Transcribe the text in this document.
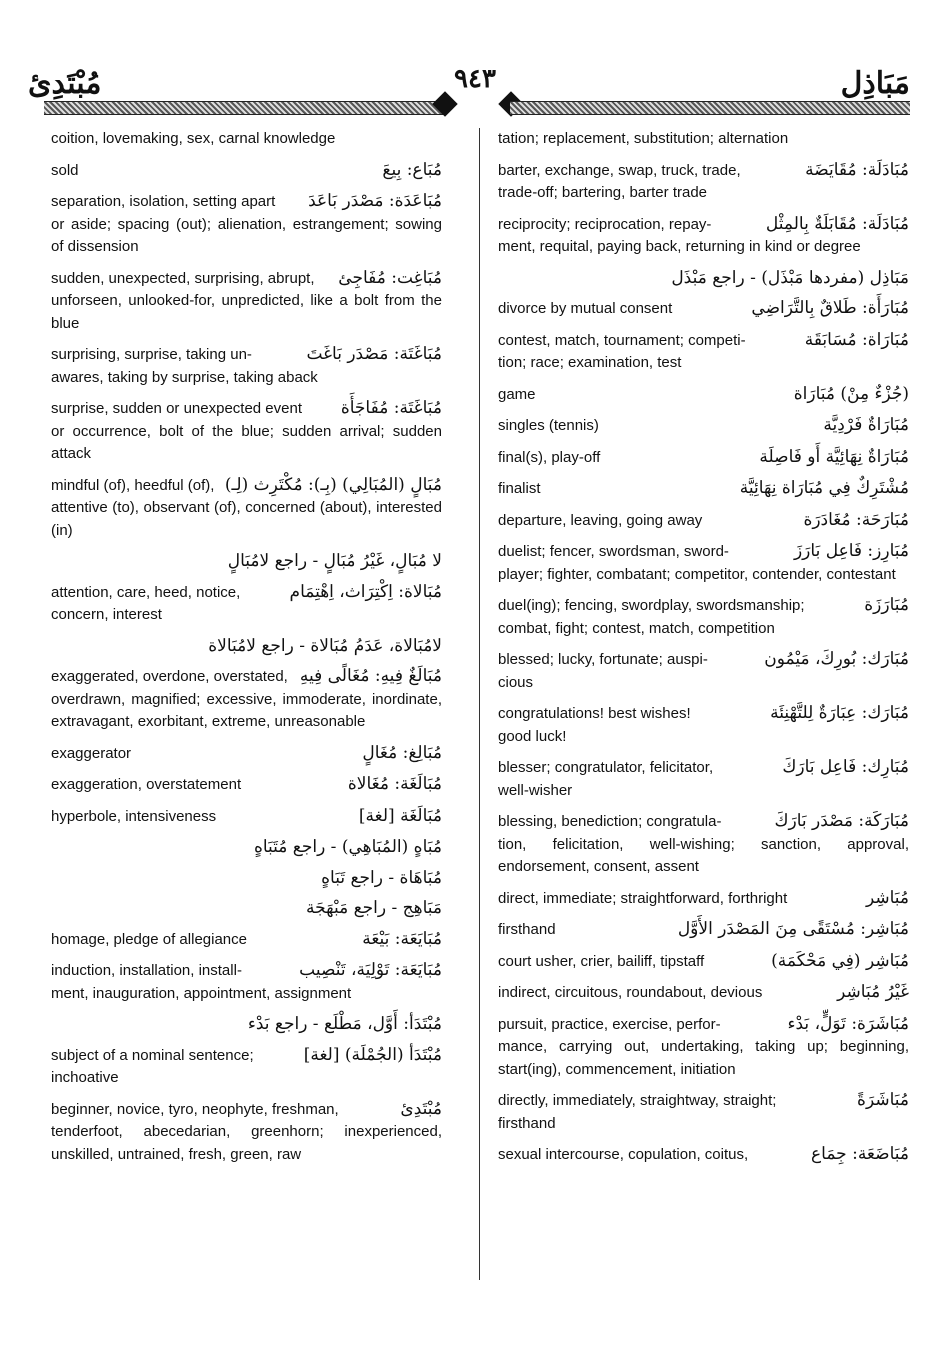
مُبْتَدِئ	٩٤٣	مَبَاذِل
coition, lovemaking, sex, carnal knowledge
sold	مُبَاع: بِيعَ
separation, isolation, setting apart مُبَاعَدَة: مَصْدَر بَاعَدَ
or aside; spacing (out); alienation, estrangement; sowing of dissension
sudden, unexpected, surprising, abrupt, مُبَاغِت: مُفَاجِئ
unforseen, unlooked-for, unpredicted, like a bolt from the blue
surprising, surprise, taking un-	مُبَاغَتَة: مَصْدَر بَاغَتَ
awares, taking by surprise, taking aback
surprise, sudden or unexpected event مُبَاغَتَة: مُفَاجَأَة
or occurrence, bolt of the blue; sudden arrival; sudden attack
mindful (of), heedful (of), مُبَالٍ (المُبَالِي) (بِـ): مُكْتَرِث (لِـ)
attentive (to), observant (of), concerned (about), interested (in)
لا مُبَالٍ، غَيْرُ مُبَالٍ - راجع لامُبَالٍ
attention, care, heed, notice,	مُبَالاة: اِكْتِرَاث، اِهْتِمَام
concern, interest
لامُبَالاة، عَدَمُ مُبَالاة - راجع لامُبَالاة
exaggerated, overdone, overstated, مُبَالَغٌ فِيهِ: مُغَالًى فِيهِ
overdrawn, magnified; excessive, immoderate, inordinate, extravagant, exorbitant, extreme, unreasonable
exaggerator	مُبَالِغ: مُغَالٍ
exaggeration, overstatement	مُبَالَغَة: مُغَالاة
hyperbole, intensiveness	مُبَالَغَة [لغة]
مُبَاهٍ (المُبَاهِي) - راجع مُتَبَاهٍ
مُبَاهَاة - راجع تَبَاهٍ
مَبَاهِج - راجع مَبْهَجَة
homage, pledge of allegiance	مُبَايَعَة: بَيْعَة
induction, installation, install-	مُبَايَعَة: تَوْلِيَة، تَنْصِيب
ment, inauguration, appointment, assignment
مُبْتَدَأ: أَوَّل، مَطْلَع - راجع بَدْء
subject of a nominal sentence;	مُبْتَدَأ (الجُمْلَة) [لغة]
inchoative
beginner, novice, tyro, neophyte, freshman,	مُبْتَدِئ
tenderfoot, abecedarian, greenhorn; inexperienced, unskilled, untrained, fresh, green, raw
tation; replacement, substitution; alternation
barter, exchange, swap, truck, trade,	مُبَادَلَة: مُقَايَضَة
trade-off; bartering, barter trade
reciprocity; reciprocation, repay-	مُبَادَلَة: مُقَابَلَةٌ بِالمِثْل
ment, requital, paying back, returning in kind or degree
مَبَاذِل (مفردها مَبْذَل) - راجع مَبْذَل
divorce by mutual consent	مُبَارَأَة: طَلاقٌ بِالتَّرَاضِي
contest, match, tournament; competi-	مُبَارَاة: مُسَابَقَة
tion; race; examination, test
game	(جُزْءٌ مِنْ) مُبَارَاة
singles (tennis)	مُبَارَاةٌ فَرْدِيَّة
final(s), play-off	مُبَارَاةٌ نِهَائِيَّة أَو فَاصِلَة
finalist	مُشْتَرِكٌ فِي مُبَارَاة نِهَائِيَّة
departure, leaving, going away	مُبَارَحَة: مُغَادَرَة
duelist; fencer, swordsman, sword-	مُبَارِز: فَاعِل بَارَزَ
player; fighter, combatant; competitor, contender, contestant
duel(ing); fencing, swordplay, swordsmanship;	مُبَارَزَة
combat, fight; contest, match, competition
blessed; lucky, fortunate; auspi-	مُبَارَك: بُورِكَ، مَيْمُون
cious
congratulations! best wishes!	مُبَارَك: عِبَارَةٌ لِلتَّهْنِئَة
good luck!
blesser; congratulator, felicitator,	مُبَارِك: فَاعِل بَارَكَ
well-wisher
blessing, benediction; congratula-	مُبَارَكَة: مَصْدَر بَارَكَ
tion, felicitation, well-wishing; sanction, approval, endorsement, consent, assent
direct, immediate; straightforward, forthright	مُبَاشِر
firsthand	مُبَاشِر: مُسْتَقًى مِنَ المَصْدَر الأَوَّل
court usher, crier, bailiff, tipstaff	مُبَاشِر (فِي مَحْكَمَة)
indirect, circuitous, roundabout, devious	غَيْرُ مُبَاشِر
pursuit, practice, exercise, perfor-	مُبَاشَرَة: تَوَلٍّ، بَدْء
mance, carrying out, undertaking, taking up; beginning, start(ing), commencement, initiation
directly, immediately, straightway, straight;	مُبَاشَرَةً
firsthand
sexual intercourse, copulation, coitus,	مُبَاضَعَة: جِمَاع
